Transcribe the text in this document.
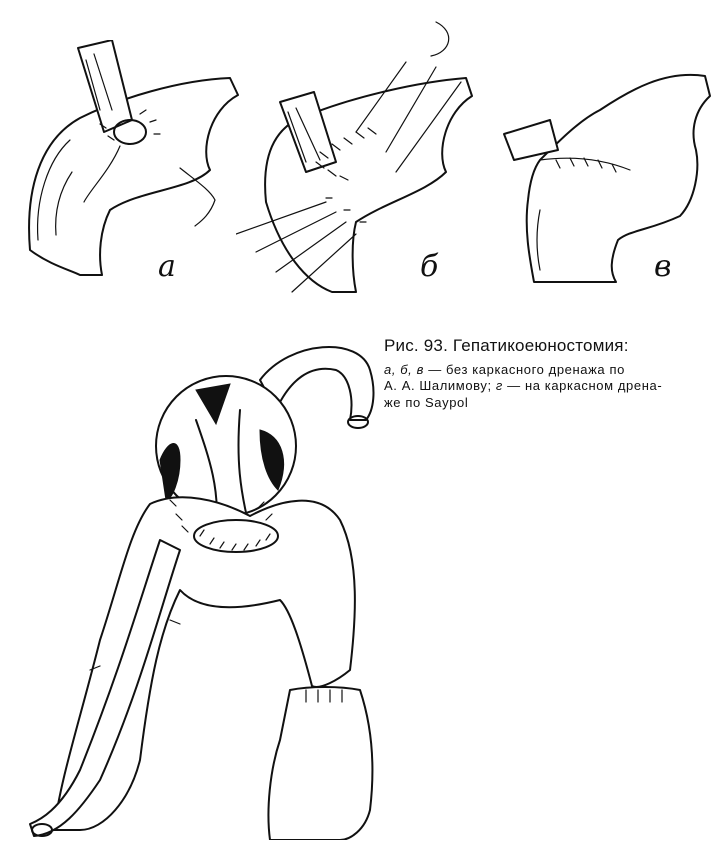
а	б	в
Рис. 93. Гепатикоеюностомия:
а, б, в — без каркасного дренажа по
А. А. Шалимову; г — на каркасном дрена-
же по Saypol
